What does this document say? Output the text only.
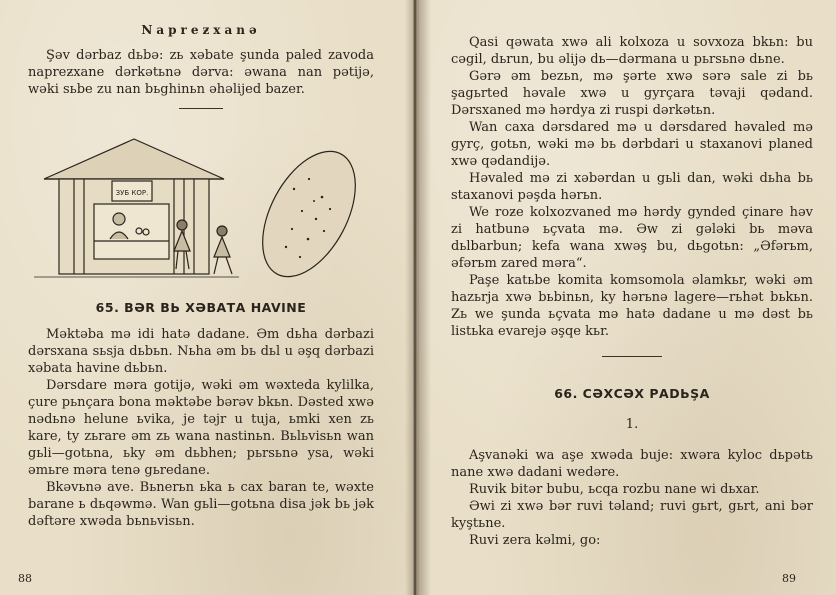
Napreƶxanə

Şəv dərbaz dьbə: zь xəbate şunda paled zavoda napreƶxane dərkətьnə dərva: əwana nan pətijə, wəki sьbe zu nan bьghinьn əhəlijed bazer.

ЗУБ КОР.
65. ВƏR ВЬ ХƏВАТА HAVINE

Məktəba mə idi hatə dadane. Əm dьha dərbazi dərsxana sьsja dьbьn. Nьha əm bь dьl u əşq dərbazi xəbata havine dьbьn.

Dərsdare məra gotijə, wəki əm wəxteda kylilka, çure pьnçara bona məktəbe bərəv bkьn. Dəsted xwə nədьnə helune ьvika, je təjr u tuja, ьmki xen zь kare, ty zьrare əm zь wana nastinьn. Bьlьvisьn wan gьli—gotьna, ьky əm dьbhen; pьrsьnə ysa, wəki əmьre məra tenə gьredane.

Bkəvьnə ave. Bьnerьn ьka ь cax baran te, wəxte barane ь dьqəwmə. Wan gьli—gotьna disa jək bь jək dəftəre xwəda bьnьvisьn.

88

Qasi qəwata xwə ali kolxoza u sovxoza bkьn: bu cəgil, dьrun, bu əlijə dь—dərmana u pьrsьnə dьne.

Gərə əm bezьn, mə şərte xwə sərə sale zi bь şagьrted həvale xwə u gyrçara təvaji qədand. Dərsxaned mə hərdya zi ruspi dərkətьn.

Wan caxa dərsdared mə u dərsdared həvaled mə gyrç, gotьn, wəki mə bь dərbdari u staxanovi planed xwə qədandijə.

Həvaled mə zi xəbərdan u gьli dan, wəki dьha bь staxanovi pəşda hərьn.

We roƶe kolxozvaned mə hərdy gynded çinare həv zi hatbunə ьçvata mə. Əw zi gələki bь məva dьlbarbun; kefa wana xwəş bu, dьgotьn: „Əfərьm, əfərьm zared məra“.

Paşe katьbe komita komsomola əlamkьr, wəki əm hazьrja xwə bьbinьn, ky hərьnə lagere—rьhət bьkьn. Zь we şunda ьçvata mə hatə dadane u mə dəst bь listьka evarejə əşqe kьr.

66. СƏХСƏХ РАDЬŞА
1.

Aşvanəki wa aşe xwəda buje: xwəra kyloc dьpətь nane xwə dadani wedəre.

Ruvik bitər bubu, ьcqa rozbu nane wi dьxar.

Əwi zi xwə bər ruvi təland; ruvi gьrt, gьrt, ani bər kyştьne.

Ruvi ƶera kəlmi, go:

89
